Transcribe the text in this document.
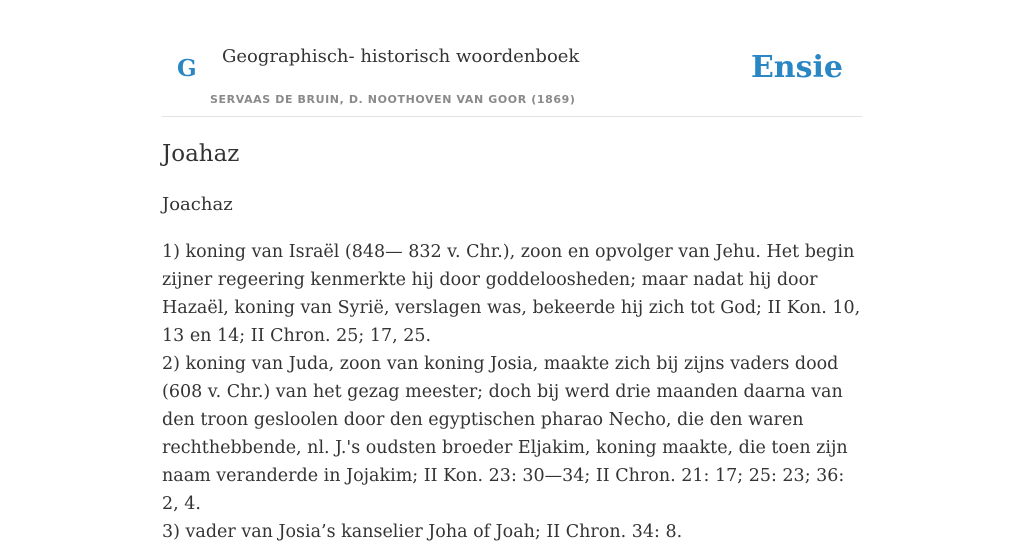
G Geographisch- historisch woordenboek
SERVAAS DE BRUIN, D. NOOTHOVEN VAN GOOR (1869)
Ensie
Joahaz
Joachaz

1) koning van Israël (848— 832 v. Chr.), zoon en opvolger van Jehu. Het begin zijner regeering kenmerkte hij door goddeloosheden; maar nadat hij door Hazaël, koning van Syrië, verslagen was, bekeerde hij zich tot God; II Kon. 10, 13 en 14; II Chron. 25; 17, 25.

2) koning van Juda, zoon van koning Josia, maakte zich bij zijns vaders dood (608 v. Chr.) van het gezag meester; doch bij werd drie maanden daarna van den troon gesloolen door den egyptischen pharao Necho, die den waren rechthebbende, nl. J.'s oudsten broeder Eljakim, koning maakte, die toen zijn naam veranderde in Jojakim; II Kon. 23: 30—34; II Chron. 21: 17; 25: 23; 36: 2, 4.

3) vader van Josia’s kanselier Joha of Joah; II Chron. 34: 8.
